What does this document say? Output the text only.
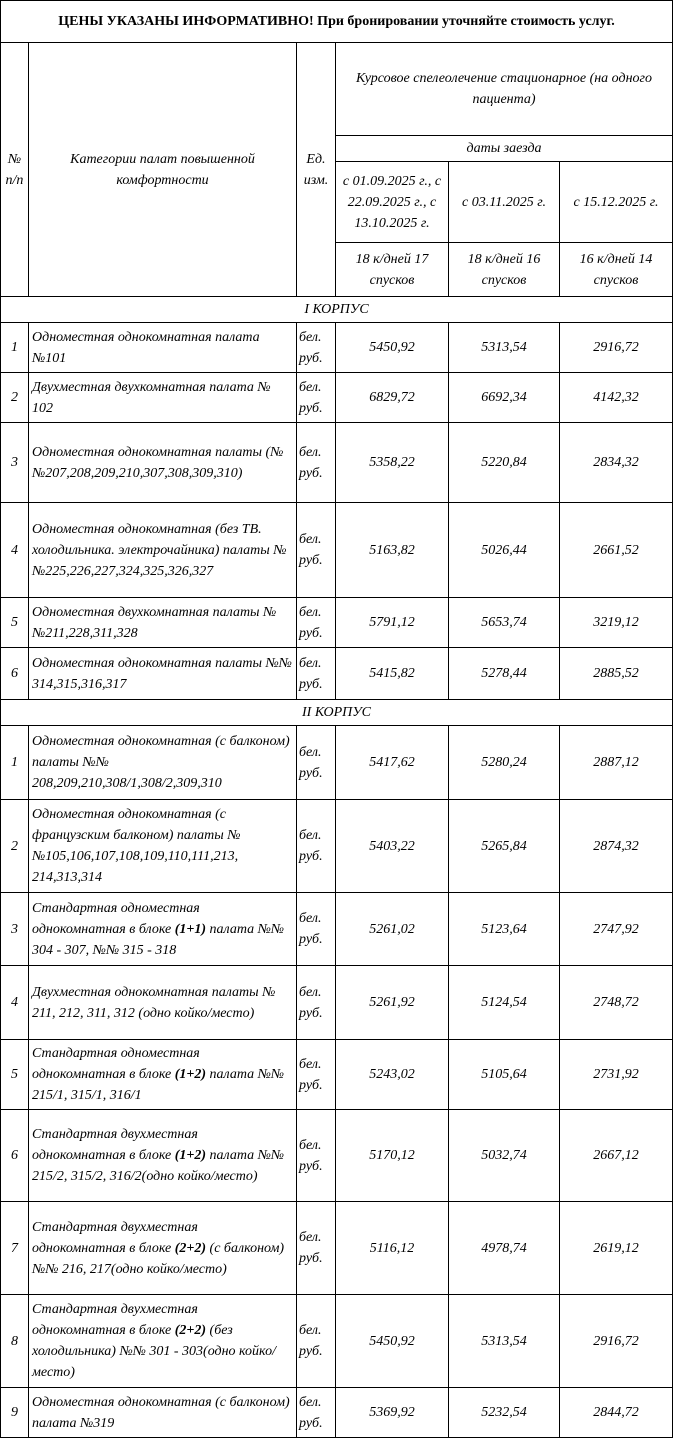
ЦЕНЫ УКАЗАНЫ ИНФОРМАТИВНО! При бронировании уточняйте стоимость услуг.					
№ п/п	Категории палат повышенной комфортности	Ед. изм.	Курсовое спелеолечение стационарное (на одного пациента)		
			даты заезда		
			с 01.09.2025 г., с 22.09.2025 г., с 13.10.2025 г.	с 03.11.2025 г.	с 15.12.2025 г.
			18 к/дней 17 спусков	18 к/дней 16 спусков	16 к/дней 14 спусков
I КОРПУС					
1	Одноместная однокомнатная палата №101	бел. руб.	5450,92	5313,54	2916,72
2	Двухместная двухкомнатная палата № 102	бел. руб.	6829,72	6692,34	4142,32
3	Одноместная однокомнатная палаты (№№207,208,209,210,307,308,309,310)	бел. руб.	5358,22	5220,84	2834,32
4	Одноместная однокомнатная (без ТВ. холодильника. электрочайника) палаты №№225,226,227,324,325,326,327	бел. руб.	5163,82	5026,44	2661,52
5	Одноместная двухкомнатная палаты №№211,228,311,328	бел. руб.	5791,12	5653,74	3219,12
6	Одноместная однокомнатная палаты №№ 314,315,316,317	бел. руб.	5415,82	5278,44	2885,52
II КОРПУС					
1	Одноместная однокомнатная (с балконом) палаты №№ 208,209,210,308/1,308/2,309,310	бел. руб.	5417,62	5280,24	2887,12
2	Одноместная однокомнатная (с французским балконом) палаты №№105,106,107,108,109,110,111,213, 214,313,314	бел. руб.	5403,22	5265,84	2874,32
3	Стандартная одноместная однокомнатная в блоке (1+1) палата №№ 304 - 307, №№ 315 - 318	бел. руб.	5261,02	5123,64	2747,92
4	Двухместная однокомнатная палаты № 211, 212, 311, 312 (одно койко/место)	бел. руб.	5261,92	5124,54	2748,72
5	Стандартная одноместная однокомнатная в блоке (1+2) палата №№ 215/1, 315/1, 316/1	бел. руб.	5243,02	5105,64	2731,92
6	Стандартная двухместная однокомнатная в блоке (1+2) палата №№ 215/2, 315/2, 316/2(одно койко/место)	бел. руб.	5170,12	5032,74	2667,12
7	Стандартная двухместная однокомнатная в блоке (2+2) (с балконом) №№ 216, 217(одно койко/место)	бел. руб.	5116,12	4978,74	2619,12
8	Стандартная двухместная однокомнатная в блоке (2+2) (без холодильника) №№ 301 - 303(одно койко/место)	бел. руб.	5450,92	5313,54	2916,72
9	Одноместная однокомнатная (с балконом) палата №319	бел. руб.	5369,92	5232,54	2844,72
